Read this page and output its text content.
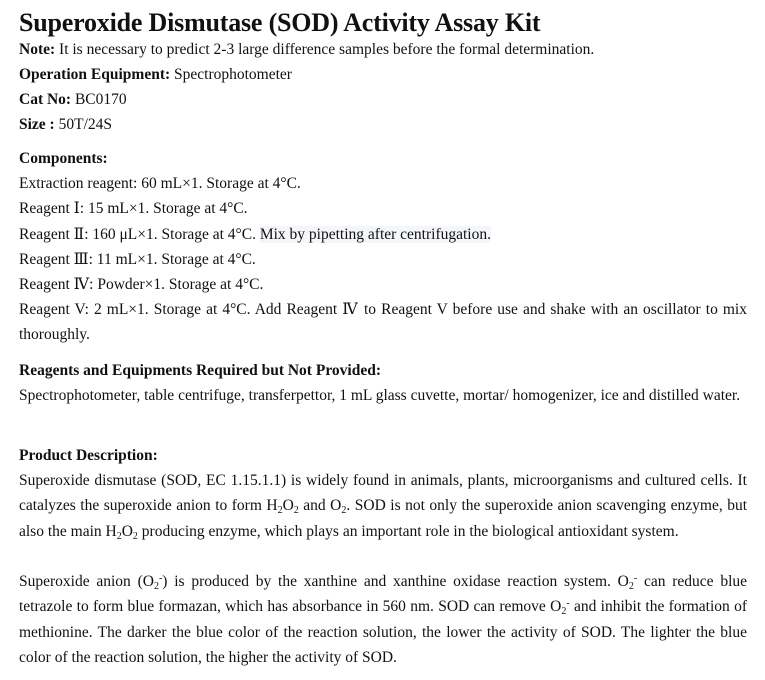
Superoxide Dismutase (SOD) Activity Assay Kit
Note: It is necessary to predict 2-3 large difference samples before the formal determination.
Operation Equipment: Spectrophotometer
Cat No: BC0170
Size : 50T/24S
Components:
Extraction reagent: 60 mL×1. Storage at 4°C.
Reagent Ⅰ: 15 mL×1. Storage at 4°C.
Reagent Ⅱ: 160 μL×1. Storage at 4°C. Mix by pipetting after centrifugation.
Reagent Ⅲ: 11 mL×1. Storage at 4°C.
Reagent Ⅳ: Powder×1. Storage at 4°C.
Reagent V: 2 mL×1. Storage at 4°C. Add Reagent Ⅳ to Reagent V before use and shake with an oscillator to mix thoroughly.
Reagents and Equipments Required but Not Provided:
Spectrophotometer, table centrifuge, transferpettor, 1 mL glass cuvette, mortar/ homogenizer, ice and distilled water.
Product Description:
Superoxide dismutase (SOD, EC 1.15.1.1) is widely found in animals, plants, microorganisms and cultured cells. It catalyzes the superoxide anion to form $H_2O_2$ and $O_2$. SOD is not only the superoxide anion scavenging enzyme, but also the main $H_2O_2$ producing enzyme, which plays an important role in the biological antioxidant system.
Superoxide anion $(O_2^-)$ is produced by the xanthine and xanthine oxidase reaction system. $O_2^-$ can reduce blue tetrazole to form blue formazan, which has absorbance in 560 nm. SOD can remove $O_2^-$ and inhibit the formation of methionine. The darker the blue color of the reaction solution, the lower the activity of SOD. The lighter the blue color of the reaction solution, the higher the activity of SOD.
